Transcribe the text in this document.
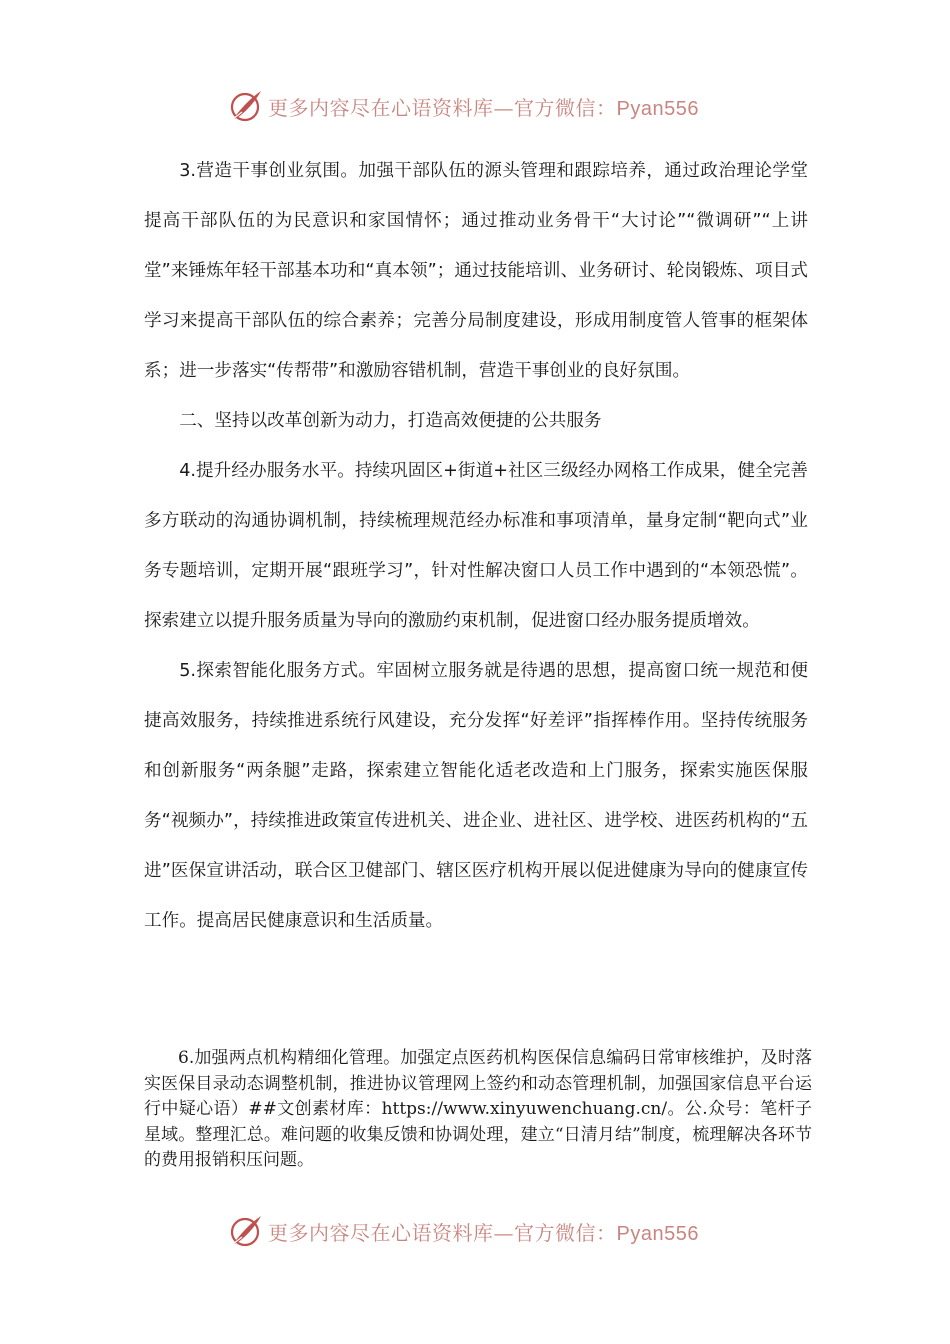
更多内容尽在心语资料库—官方微信：Pyan556

3.营造干事创业氛围。加强干部队伍的源头管理和跟踪培养，通过政治理论学堂提高干部队伍的为民意识和家国情怀；通过推动业务骨干“大讨论”“微调研”“上讲堂”来锤炼年轻干部基本功和“真本领”；通过技能培训、业务研讨、轮岗锻炼、项目式学习来提高干部队伍的综合素养；完善分局制度建设，形成用制度管人管事的框架体系；进一步落实“传帮带”和激励容错机制，营造干事创业的良好氛围。

二、坚持以改革创新为动力，打造高效便捷的公共服务

4.提升经办服务水平。持续巩固区+街道+社区三级经办网格工作成果，健全完善多方联动的沟通协调机制，持续梳理规范经办标准和事项清单，量身定制“靶向式”业务专题培训，定期开展“跟班学习”，针对性解决窗口人员工作中遇到的“本领恐慌”。探索建立以提升服务质量为导向的激励约束机制，促进窗口经办服务提质增效。

5.探索智能化服务方式。牢固树立服务就是待遇的思想，提高窗口统一规范和便捷高效服务，持续推进系统行风建设，充分发挥“好差评”指挥棒作用。坚持传统服务和创新服务“两条腿”走路，探索建立智能化适老改造和上门服务，探索实施医保服务“视频办”，持续推进政策宣传进机关、进企业、进社区、进学校、进医药机构的“五进”医保宣讲活动，联合区卫健部门、辖区医疗机构开展以促进健康为导向的健康宣传工作。提高居民健康意识和生活质量。

6.加强两点机构精细化管理。加强定点医药机构医保信息编码日常审核维护，及时落实医保目录动态调整机制，推进协议管理网上签约和动态管理机制，加强国家信息平台运行中疑心语）##文创素材库：https://www.xinyuwenchuang.cn/。公.众号：笔杆子星域。整理汇总。难问题的收集反馈和协调处理，建立“日清月结”制度，梳理解决各环节的费用报销积压问题。

更多内容尽在心语资料库—官方微信：Pyan556
